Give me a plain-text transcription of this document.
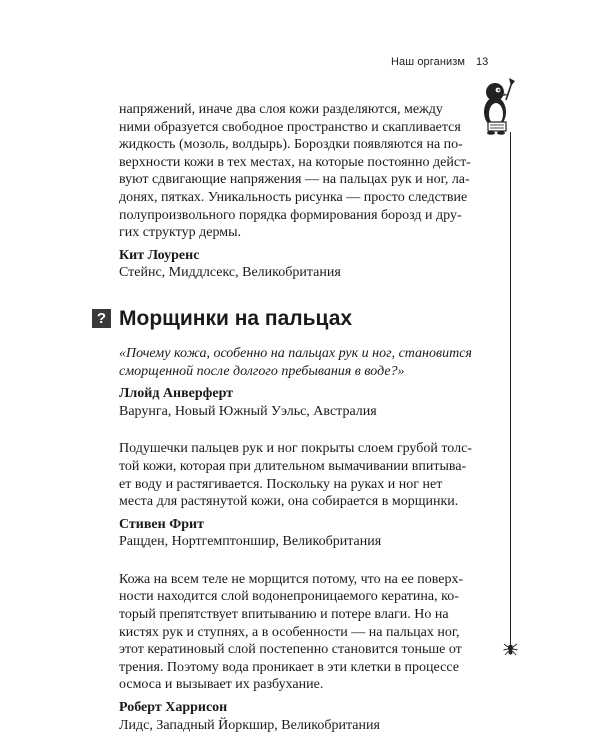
Наш организм 13

напряжений, иначе два слоя кожи разделяются, между

ними образуется свободное пространство и скапливается

жидкость (мозоль, волдырь). Бороздки появляются на по-

верхности кожи в тех местах, на которые постоянно дейст-

вуют сдвигающие напряжения — на пальцах рук и ног, ла-

донях, пятках. Уникальность рисунка — просто следствие

полупроизвольного порядка формирования борозд и дру-

гих структур дермы.

Кит Лоуренс
Стейнс, Миддлсекс, Великобритания
? Морщинки на пальцах

«Почему кожа, особенно на пальцах рук и ног, становится

сморщенной после долгого пребывания в воде?»

Ллойд Анверферт
Варунга, Новый Южный Уэльс, Австралия

Подушечки пальцев рук и ног покрыты слоем грубой толс-

той кожи, которая при длительном вымачивании впитыва-

ет воду и растягивается. Поскольку на руках и ног нет

места для растянутой кожи, она собирается в морщинки.

Стивен Фрит
Ращден, Нортгемптоншир, Великобритания

Кожа на всем теле не морщится потому, что на ее поверх-

ности находится слой водонепроницаемого кератина, ко-

торый препятствует впитыванию и потере влаги. Но на

кистях рук и ступнях, а в особенности — на пальцах ног,

этот кератиновый слой постепенно становится тоньше от

трения. Поэтому вода проникает в эти клетки в процессе

осмоса и вызывает их разбухание.

Роберт Харрисон
Лидс, Западный Йоркшир, Великобритания
